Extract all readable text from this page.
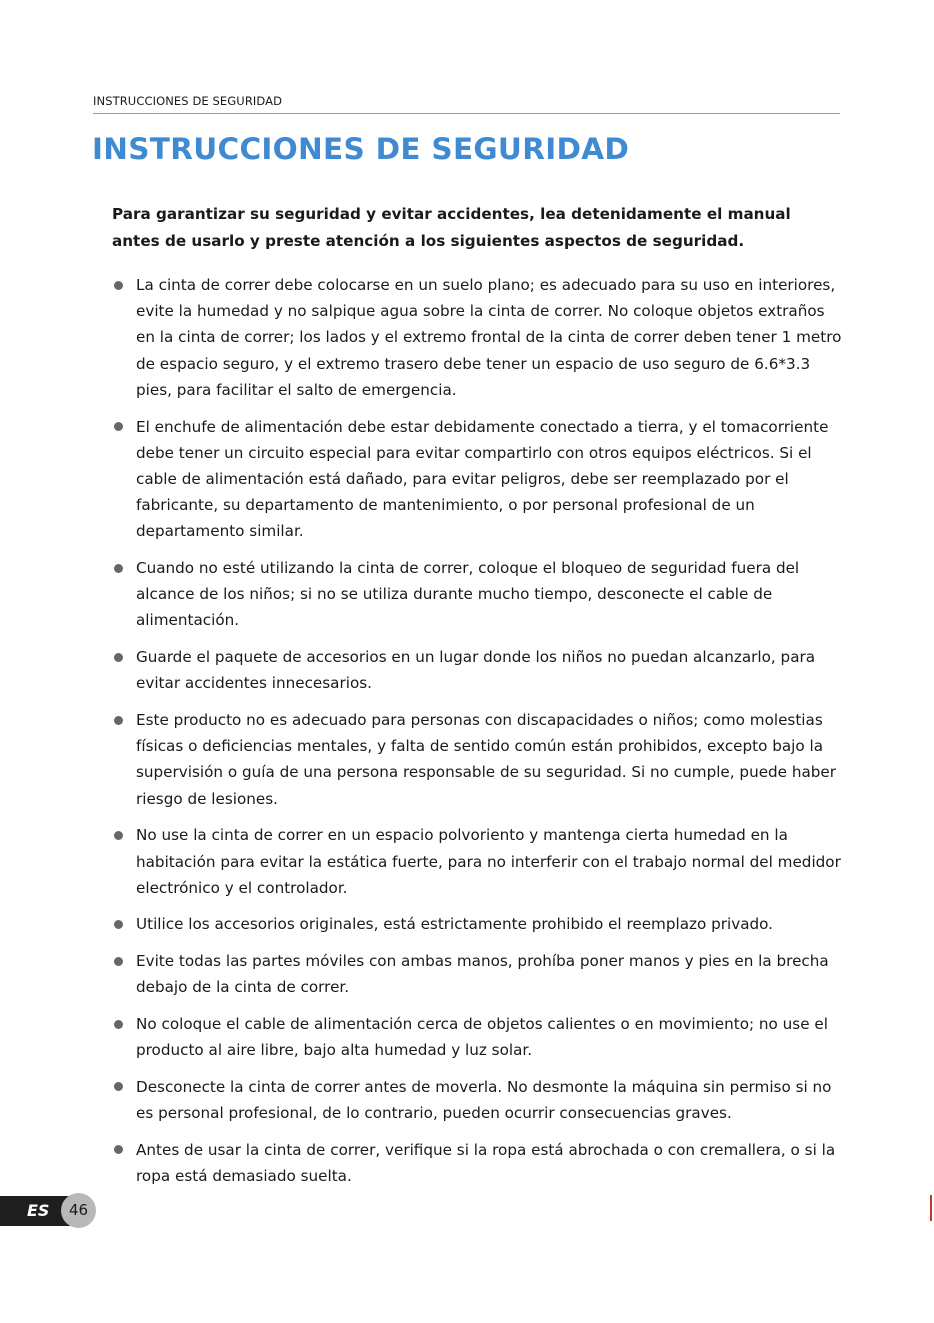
INSTRUCCIONES DE SEGURIDAD
INSTRUCCIONES DE SEGURIDAD

Para garantizar su seguridad y evitar accidentes, lea detenidamente el manual antes de usarlo y preste atención a los siguientes aspectos de seguridad.

La cinta de correr debe colocarse en un suelo plano; es adecuado para su uso en interiores, evite la humedad y no salpique agua sobre la cinta de correr. No coloque objetos extraños en la cinta de correr; los lados y el extremo frontal de la cinta de correr deben tener 1 metro de espacio seguro, y el extremo trasero debe tener un espacio de uso seguro de 6.6*3.3 pies, para facilitar el salto de emergencia.
El enchufe de alimentación debe estar debidamente conectado a tierra, y el tomacorriente debe tener un circuito especial para evitar compartirlo con otros equipos eléctricos. Si el cable de alimentación está dañado, para evitar peligros, debe ser reemplazado por el fabricante, su departamento de mantenimiento, o por personal profesional de un departamento similar.
Cuando no esté utilizando la cinta de correr, coloque el bloqueo de seguridad fuera del alcance de los niños; si no se utiliza durante mucho tiempo, desconecte el cable de alimentación.
Guarde el paquete de accesorios en un lugar donde los niños no puedan alcanzarlo, para evitar accidentes innecesarios.
Este producto no es adecuado para personas con discapacidades o niños; como molestias físicas o deficiencias mentales, y falta de sentido común están prohibidos, excepto bajo la supervisión o guía de una persona responsable de su seguridad. Si no cumple, puede haber riesgo de lesiones.
No use la cinta de correr en un espacio polvoriento y mantenga cierta humedad en la habitación para evitar la estática fuerte, para no interferir con el trabajo normal del medidor electrónico y el controlador.
Utilice los accesorios originales, está estrictamente prohibido el reemplazo privado.
Evite todas las partes móviles con ambas manos, prohíba poner manos y pies en la brecha debajo de la cinta de correr.
No coloque el cable de alimentación cerca de objetos calientes o en movimiento; no use el producto al aire libre, bajo alta humedad y luz solar.
Desconecte la cinta de correr antes de moverla. No desmonte la máquina sin permiso si no es personal profesional, de lo contrario, pueden ocurrir consecuencias graves.
Antes de usar la cinta de correr, verifique si la ropa está abrochada o con cremallera, o si la ropa está demasiado suelta.
ES	46
